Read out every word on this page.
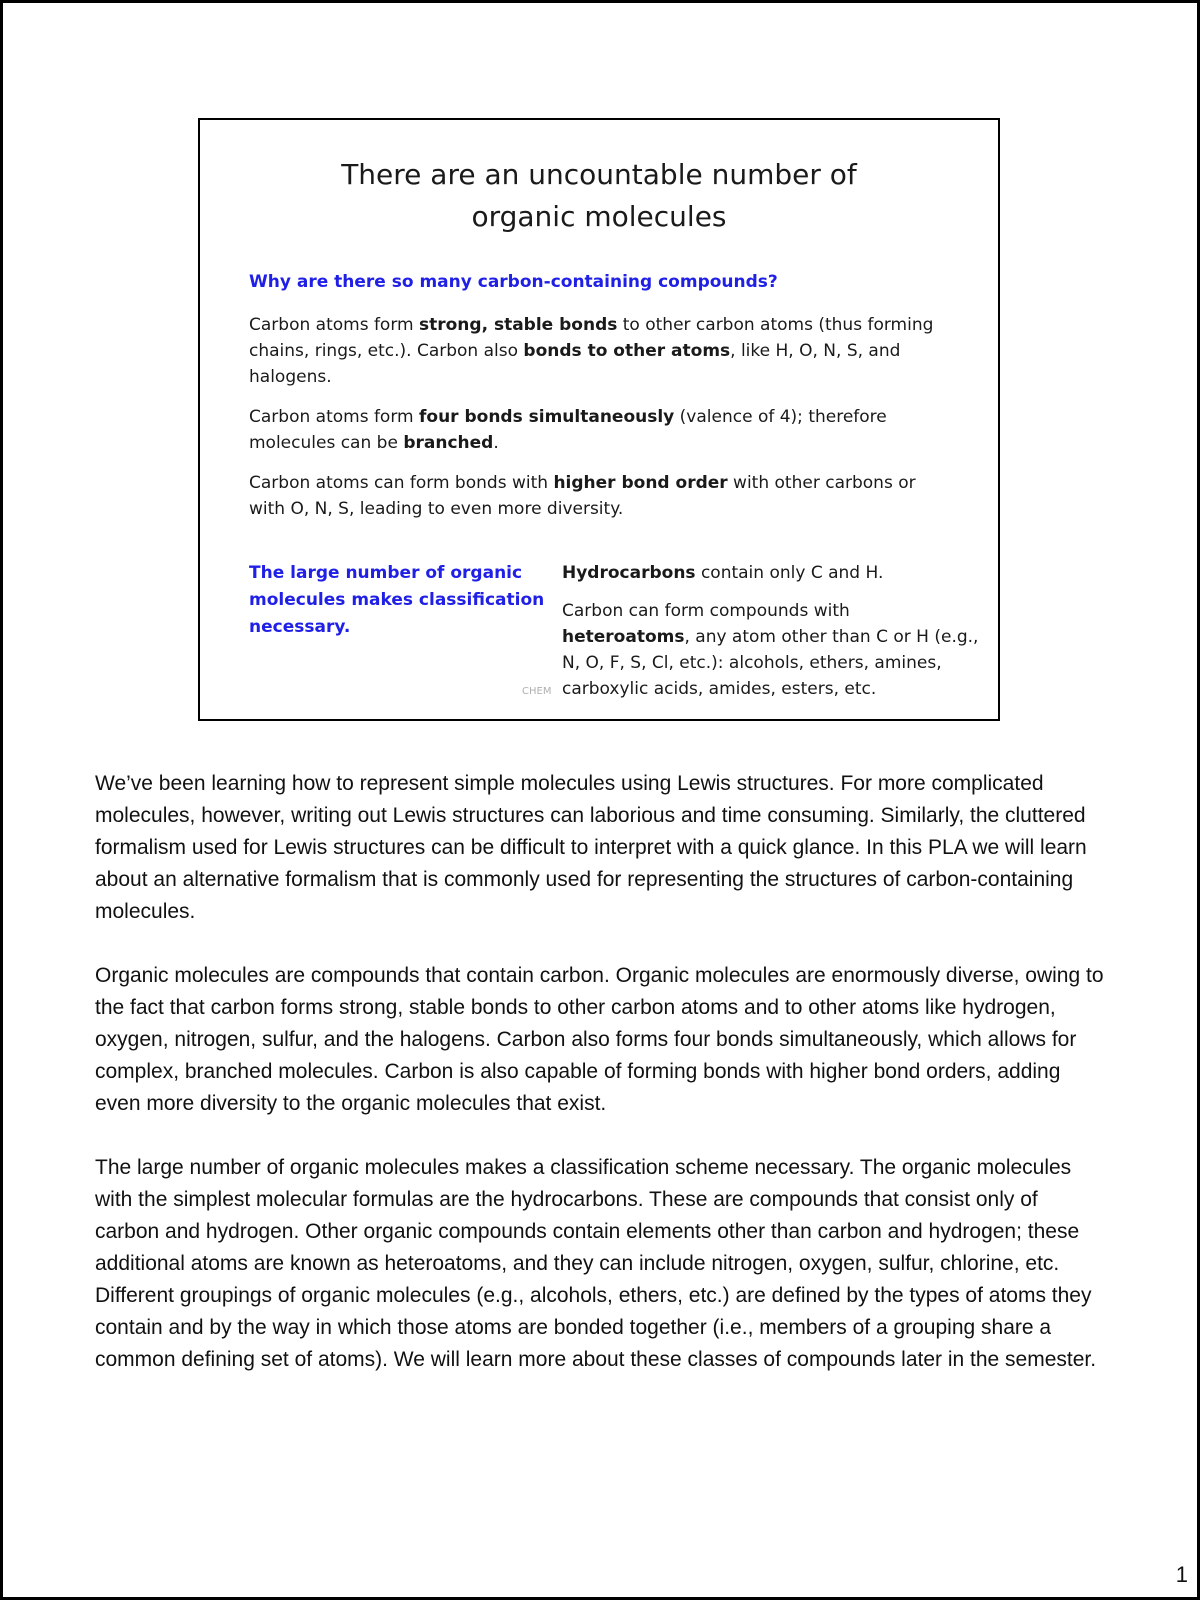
There are an uncountable number of
organic molecules
Why are there so many carbon-containing compounds?

Carbon atoms form strong, stable bonds to other carbon atoms (thus forming chains, rings, etc.). Carbon also bonds to other atoms, like H, O, N, S, and halogens.

Carbon atoms form four bonds simultaneously (valence of 4); therefore molecules can be branched.

Carbon atoms can form bonds with higher bond order with other carbons or with O, N, S, leading to even more diversity.

The large number of organic molecules makes classification necessary.

Hydrocarbons contain only C and H.

Carbon can form compounds with heteroatoms, any atom other than C or H (e.g., N, O, F, S, Cl, etc.): alcohols, ethers, amines, carboxylic acids, amides, esters, etc.

CHEM

We’ve been learning how to represent simple molecules using Lewis structures. For more complicated molecules, however, writing out Lewis structures can laborious and time consuming. Similarly, the cluttered formalism used for Lewis structures can be difficult to interpret with a quick glance. In this PLA we will learn about an alternative formalism that is commonly used for representing the structures of carbon-containing molecules.

Organic molecules are compounds that contain carbon. Organic molecules are enormously diverse, owing to the fact that carbon forms strong, stable bonds to other carbon atoms and to other atoms like hydrogen, oxygen, nitrogen, sulfur, and the halogens. Carbon also forms four bonds simultaneously, which allows for complex, branched molecules. Carbon is also capable of forming bonds with higher bond orders, adding even more diversity to the organic molecules that exist.

The large number of organic molecules makes a classification scheme necessary. The organic molecules with the simplest molecular formulas are the hydrocarbons. These are compounds that consist only of carbon and hydrogen. Other organic compounds contain elements other than carbon and hydrogen; these additional atoms are known as heteroatoms, and they can include nitrogen, oxygen, sulfur, chlorine, etc. Different groupings of organic molecules (e.g., alcohols, ethers, etc.) are defined by the types of atoms they contain and by the way in which those atoms are bonded together (i.e., members of a grouping share a common defining set of atoms). We will learn more about these classes of compounds later in the semester.

1
